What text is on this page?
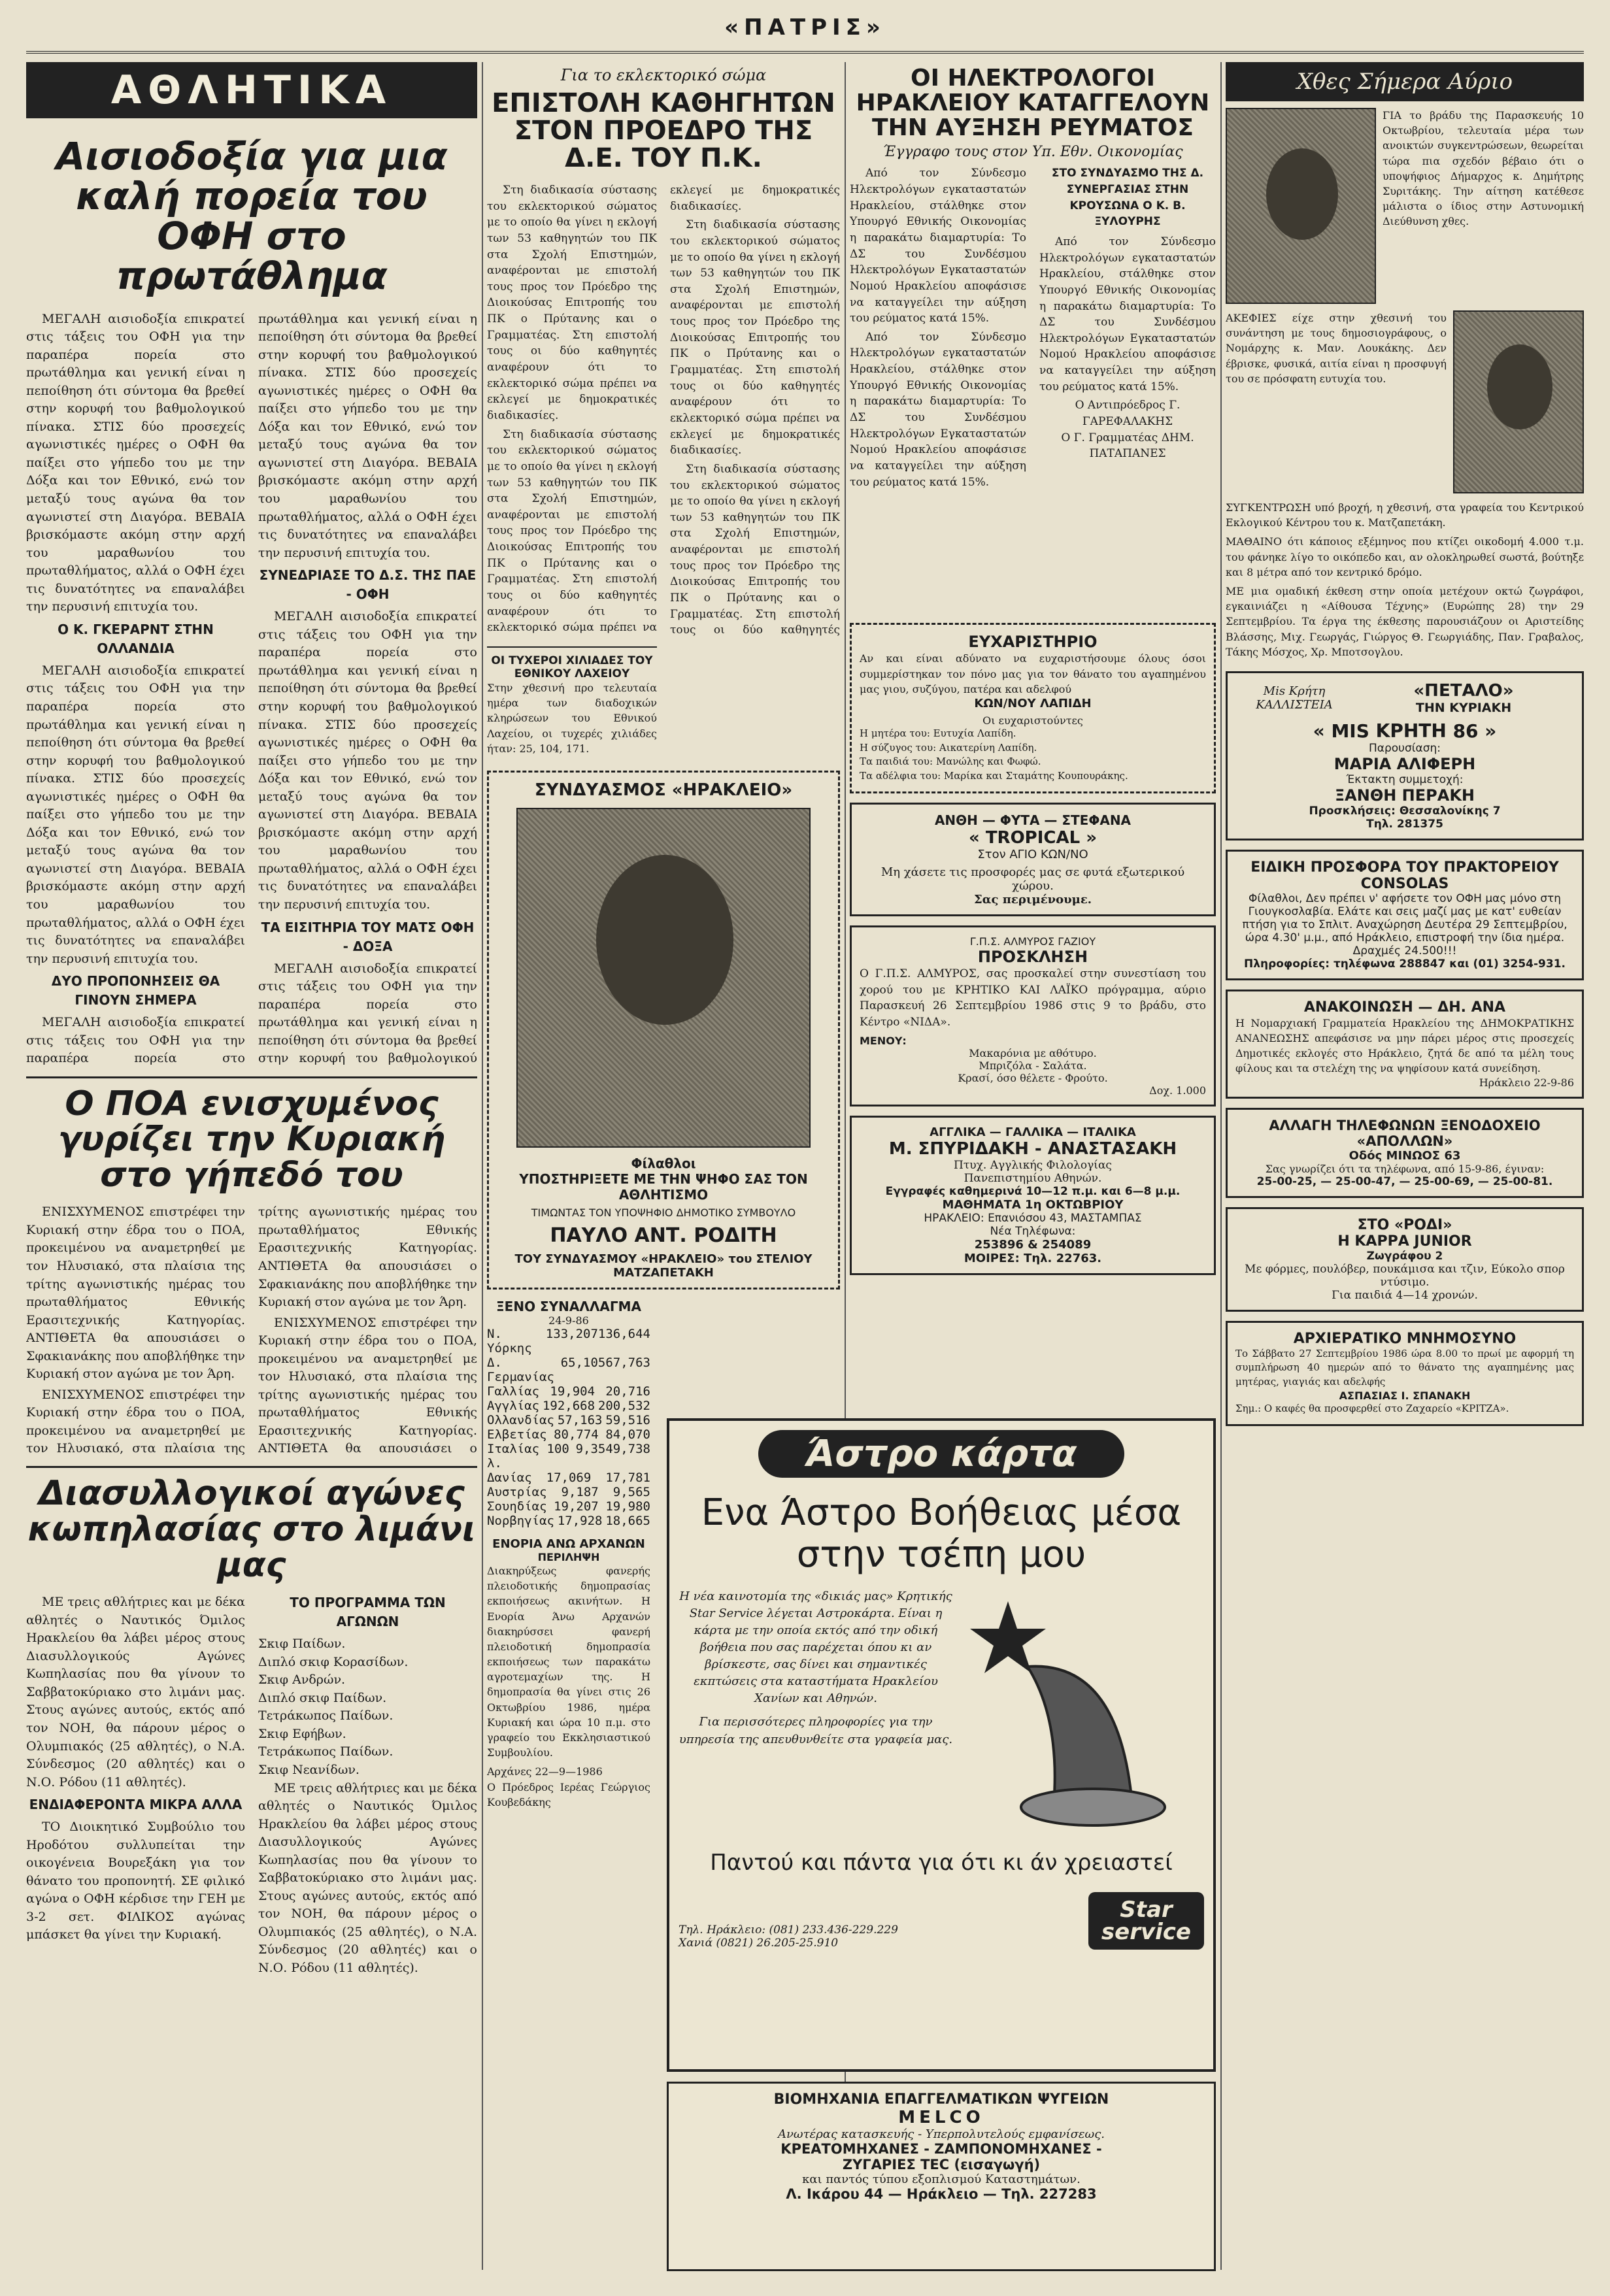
«ΠΑΤΡΙΣ»
ΑΘΛΗΤΙΚΑ
Αισιοδοξία για μια καλή πορεία του ΟΦΗ στο πρωτάθλημα

ΜΕΓΑΛΗ αισιοδοξία επικρατεί στις τάξεις του ΟΦΗ για την παραπέρα πορεία στο πρωτάθλημα και γενική είναι η πεποίθηση ότι σύντομα θα βρεθεί στην κορυφή του βαθμολογικού πίνακα. ΣΤΙΣ δύο προσεχείς αγωνιστικές ημέρες ο ΟΦΗ θα παίξει στο γήπεδο του με την Δόξα και τον Εθνικό, ενώ τον μεταξύ τους αγώνα θα τον αγωνιστεί στη Διαγόρα. ΒΕΒΑΙΑ βρισκόμαστε ακόμη στην αρχή του μαραθωνίου του πρωταθλήματος, αλλά ο ΟΦΗ έχει τις δυνατότητες να επαναλάβει την περυσινή επιτυχία του.

Ο Κ. ΓΚΕΡΑΡΝΤ ΣΤΗΝ ΟΛΛΑΝΔΙΑ

ΜΕΓΑΛΗ αισιοδοξία επικρατεί στις τάξεις του ΟΦΗ για την παραπέρα πορεία στο πρωτάθλημα και γενική είναι η πεποίθηση ότι σύντομα θα βρεθεί στην κορυφή του βαθμολογικού πίνακα. ΣΤΙΣ δύο προσεχείς αγωνιστικές ημέρες ο ΟΦΗ θα παίξει στο γήπεδο του με την Δόξα και τον Εθνικό, ενώ τον μεταξύ τους αγώνα θα τον αγωνιστεί στη Διαγόρα. ΒΕΒΑΙΑ βρισκόμαστε ακόμη στην αρχή του μαραθωνίου του πρωταθλήματος, αλλά ο ΟΦΗ έχει τις δυνατότητες να επαναλάβει την περυσινή επιτυχία του.

ΔΥΟ ΠΡΟΠΟΝΗΣΕΙΣ ΘΑ ΓΙΝΟΥΝ ΣΗΜΕΡΑ

ΜΕΓΑΛΗ αισιοδοξία επικρατεί στις τάξεις του ΟΦΗ για την παραπέρα πορεία στο πρωτάθλημα και γενική είναι η πεποίθηση ότι σύντομα θα βρεθεί στην κορυφή του βαθμολογικού πίνακα. ΣΤΙΣ δύο προσεχείς αγωνιστικές ημέρες ο ΟΦΗ θα παίξει στο γήπεδο του με την Δόξα και τον Εθνικό, ενώ τον μεταξύ τους αγώνα θα τον αγωνιστεί στη Διαγόρα. ΒΕΒΑΙΑ βρισκόμαστε ακόμη στην αρχή του μαραθωνίου του πρωταθλήματος, αλλά ο ΟΦΗ έχει τις δυνατότητες να επαναλάβει την περυσινή επιτυχία του.

ΣΥΝΕΔΡΙΑΣΕ ΤΟ Δ.Σ. ΤΗΣ ΠΑΕ - ΟΦΗ

ΜΕΓΑΛΗ αισιοδοξία επικρατεί στις τάξεις του ΟΦΗ για την παραπέρα πορεία στο πρωτάθλημα και γενική είναι η πεποίθηση ότι σύντομα θα βρεθεί στην κορυφή του βαθμολογικού πίνακα. ΣΤΙΣ δύο προσεχείς αγωνιστικές ημέρες ο ΟΦΗ θα παίξει στο γήπεδο του με την Δόξα και τον Εθνικό, ενώ τον μεταξύ τους αγώνα θα τον αγωνιστεί στη Διαγόρα. ΒΕΒΑΙΑ βρισκόμαστε ακόμη στην αρχή του μαραθωνίου του πρωταθλήματος, αλλά ο ΟΦΗ έχει τις δυνατότητες να επαναλάβει την περυσινή επιτυχία του.

ΤΑ ΕΙΣΙΤΗΡΙΑ ΤΟΥ ΜΑΤΣ ΟΦΗ - ΔΟΞΑ

ΜΕΓΑΛΗ αισιοδοξία επικρατεί στις τάξεις του ΟΦΗ για την παραπέρα πορεία στο πρωτάθλημα και γενική είναι η πεποίθηση ότι σύντομα θα βρεθεί στην κορυφή του βαθμολογικού

Ο ΠΟΑ ενισχυμένος γυρίζει την Κυριακή στο γήπεδό του

ΕΝΙΣΧΥΜΕΝΟΣ επιστρέφει την Κυριακή στην έδρα του ο ΠΟΑ, προκειμένου να αναμετρηθεί με τον Ηλυσιακό, στα πλαίσια της τρίτης αγωνιστικής ημέρας του πρωταθλήματος Εθνικής Ερασιτεχνικής Κατηγορίας. ΑΝΤΙΘΕΤΑ θα απουσιάσει ο Σφακιανάκης που αποβλήθηκε την Κυριακή στον αγώνα με τον Άρη.

ΕΝΙΣΧΥΜΕΝΟΣ επιστρέφει την Κυριακή στην έδρα του ο ΠΟΑ, προκειμένου να αναμετρηθεί με τον Ηλυσιακό, στα πλαίσια της τρίτης αγωνιστικής ημέρας του πρωταθλήματος Εθνικής Ερασιτεχνικής Κατηγορίας. ΑΝΤΙΘΕΤΑ θα απουσιάσει ο Σφακιανάκης που αποβλήθηκε την Κυριακή στον αγώνα με τον Άρη.

ΕΝΙΣΧΥΜΕΝΟΣ επιστρέφει την Κυριακή στην έδρα του ο ΠΟΑ, προκειμένου να αναμετρηθεί με τον Ηλυσιακό, στα πλαίσια της τρίτης αγωνιστικής ημέρας του πρωταθλήματος Εθνικής Ερασιτεχνικής Κατηγορίας. ΑΝΤΙΘΕΤΑ θα απουσιάσει ο

Διασυλλογικοί αγώνες κωπηλασίας στο λιμάνι μας

ΜΕ τρεις αθλήτριες και με δέκα αθλητές ο Ναυτικός Όμιλος Ηρακλείου θα λάβει μέρος στους Διασυλλογικούς Αγώνες Κωπηλασίας που θα γίνουν το Σαββατοκύριακο στο λιμάνι μας. Στους αγώνες αυτούς, εκτός από τον ΝΟΗ, θα πάρουν μέρος ο Ολυμπιακός (25 αθλητές), ο Ν.Α. Σύνδεσμος (20 αθλητές) και ο Ν.Ο. Ρόδου (11 αθλητές).

ΕΝΔΙΑΦΕΡΟΝΤΑ ΜΙΚΡΑ ΑΛΛΑ

ΤΟ Διοικητικό Συμβούλιο του Ηροδότου συλλυπείται την οικογένεια Βουρεξάκη για τον θάνατο του προπονητή. ΣΕ φιλικό αγώνα ο ΟΦΗ κέρδισε την ΓΕΗ με 3-2 σετ. ΦΙΛΙΚΟΣ αγώνας μπάσκετ θα γίνει την Κυριακή.

ΤΟ ΠΡΟΓΡΑΜΜΑ ΤΩΝ ΑΓΩΝΩΝ
Σκιφ Παίδων.
Διπλό σκιφ Κορασίδων.
Σκιφ Ανδρών.
Διπλό σκιφ Παίδων.
Τετράκωπος Παίδων.
Σκιφ Εφήβων.
Τετράκωπος Παίδων.
Σκιφ Νεανίδων.

ΜΕ τρεις αθλήτριες και με δέκα αθλητές ο Ναυτικός Όμιλος Ηρακλείου θα λάβει μέρος στους Διασυλλογικούς Αγώνες Κωπηλασίας που θα γίνουν το Σαββατοκύριακο στο λιμάνι μας. Στους αγώνες αυτούς, εκτός από τον ΝΟΗ, θα πάρουν μέρος ο Ολυμπιακός (25 αθλητές), ο Ν.Α. Σύνδεσμος (20 αθλητές) και ο Ν.Ο. Ρόδου (11 αθλητές).

Για το εκλεκτορικό σώμα
ΕΠΙΣΤΟΛΗ ΚΑΘΗΓΗΤΩΝ ΣΤΟΝ ΠΡΟΕΔΡΟ ΤΗΣ Δ.Ε. ΤΟΥ Π.Κ.

Στη διαδικασία σύστασης του εκλεκτορικού σώματος με το οποίο θα γίνει η εκλογή των 53 καθηγητών του ΠΚ στα Σχολή Επιστημών, αναφέρονται με επιστολή τους προς τον Πρόεδρο της Διοικούσας Επιτροπής του ΠΚ ο Πρύτανης και ο Γραμματέας. Στη επιστολή τους οι δύο καθηγητές αναφέρουν ότι το εκλεκτορικό σώμα πρέπει να εκλεγεί με δημοκρατικές διαδικασίες.

Στη διαδικασία σύστασης του εκλεκτορικού σώματος με το οποίο θα γίνει η εκλογή των 53 καθηγητών του ΠΚ στα Σχολή Επιστημών, αναφέρονται με επιστολή τους προς τον Πρόεδρο της Διοικούσας Επιτροπής του ΠΚ ο Πρύτανης και ο Γραμματέας. Στη επιστολή τους οι δύο καθηγητές αναφέρουν ότι το εκλεκτορικό σώμα πρέπει να εκλεγεί με δημοκρατικές διαδικασίες.

Στη διαδικασία σύστασης του εκλεκτορικού σώματος με το οποίο θα γίνει η εκλογή των 53 καθηγητών του ΠΚ στα Σχολή Επιστημών, αναφέρονται με επιστολή τους προς τον Πρόεδρο της Διοικούσας Επιτροπής του ΠΚ ο Πρύτανης και ο Γραμματέας. Στη επιστολή τους οι δύο καθηγητές αναφέρουν ότι το εκλεκτορικό σώμα πρέπει να εκλεγεί με δημοκρατικές διαδικασίες.

Στη διαδικασία σύστασης του εκλεκτορικού σώματος με το οποίο θα γίνει η εκλογή των 53 καθηγητών του ΠΚ στα Σχολή Επιστημών, αναφέρονται με επιστολή τους προς τον Πρόεδρο της Διοικούσας Επιτροπής του ΠΚ ο Πρύτανης και ο Γραμματέας. Στη επιστολή τους οι δύο καθηγητές

ΟΙ ΤΥΧΕΡΟΙ ΧΙΛΙΑΔΕΣ ΤΟΥ ΕΘΝΙΚΟΥ ΛΑΧΕΙΟΥ
Στην χθεσινή προ τελευταία ημέρα των διαδοχικών κληρώσεων του Εθνικού Λαχείου, οι τυχερές χιλιάδες ήταν: 25, 104, 171.
ΣΥΝΔΥΑΣΜΟΣ «ΗΡΑΚΛΕΙΟ»
Φίλαθλοι
ΥΠΟΣΤΗΡΙΞΕΤΕ ΜΕ ΤΗΝ ΨΗΦΟ ΣΑΣ ΤΟΝ ΑΘΛΗΤΙΣΜΟ
ΤΙΜΩΝΤΑΣ ΤΟΝ ΥΠΟΨΗΦΙΟ ΔΗΜΟΤΙΚΟ ΣΥΜΒΟΥΛΟ
ΠΑΥΛΟ ΑΝΤ. ΡΟΔΙΤΗ
ΤΟΥ ΣΥΝΔΥΑΣΜΟΥ «ΗΡΑΚΛΕΙΟ» του ΣΤΕΛΙΟΥ ΜΑΤΖΑΠΕΤΑΚΗ
ΞΕΝΟ ΣΥΝΑΛΛΑΓΜΑ
24-9-86
Ν. Υόρκης
133,207 136,644
Δ. Γερμανίας
65,105 67,763
Γαλλίας 19,904 20,716
Αγγλίας 192,668 200,532
Ολλανδίας 57,163 59,516
Ελβετίας 80,774 84,070
Ιταλίας 100 λ.
9,354 9,738
Δανίας 17,069 17,781
Αυστρίας 9,187 9,565
Σουηδίας 19,207 19,980
Νορβηγίας 17,928 18,665
ΕΝΟΡΙΑ ΑΝΩ ΑΡΧΑΝΩΝ
ΠΕΡΙΛΗΨΗ
Διακηρύξεως φανερής πλειοδοτικής δημοπρασίας εκποιήσεως ακινήτων. Η Ενορία Άνω Αρχανών διακηρύσσει φανερή πλειοδοτική δημοπρασία εκποιήσεως των παρακάτω αγροτεμαχίων της. Η δημοπρασία θα γίνει στις 26 Οκτωβρίου 1986, ημέρα Κυριακή και ώρα 10 π.μ. στο γραφείο του Εκκλησιαστικού Συμβουλίου.
Αρχάνες 22—9—1986
Ο Πρόεδρος Ιερέας Γεώργιος Κουβεδάκης
ΟΙ ΗΛΕΚΤΡΟΛΟΓΟΙ ΗΡΑΚΛΕΙΟΥ ΚΑΤΑΓΓΕΛΟΥΝ ΤΗΝ ΑΥΞΗΣΗ ΡΕΥΜΑΤΟΣ
Έγγραφο τους στον Υπ. Εθν. Οικονομίας

Από τον Σύνδεσμο Ηλεκτρολόγων εγκαταστατών Ηρακλείου, στάλθηκε στον Υπουργό Εθνικής Οικονομίας η παρακάτω διαμαρτυρία: Το ΔΣ του Συνδέσμου Ηλεκτρολόγων Εγκαταστατών Νομού Ηρακλείου αποφάσισε να καταγγείλει την αύξηση του ρεύματος κατά 15%.

Από τον Σύνδεσμο Ηλεκτρολόγων εγκαταστατών Ηρακλείου, στάλθηκε στον Υπουργό Εθνικής Οικονομίας η παρακάτω διαμαρτυρία: Το ΔΣ του Συνδέσμου Ηλεκτρολόγων Εγκαταστατών Νομού Ηρακλείου αποφάσισε να καταγγείλει την αύξηση του ρεύματος κατά 15%.

ΣΤΟ ΣΥΝΔΥΑΣΜΟ ΤΗΣ Δ. ΣΥΝΕΡΓΑΣΙΑΣ ΣΤΗΝ ΚΡΟΥΣΩΝΑ Ο Κ. Β. ΞΥΛΟΥΡΗΣ

Από τον Σύνδεσμο Ηλεκτρολόγων εγκαταστατών Ηρακλείου, στάλθηκε στον Υπουργό Εθνικής Οικονομίας η παρακάτω διαμαρτυρία: Το ΔΣ του Συνδέσμου Ηλεκτρολόγων Εγκαταστατών Νομού Ηρακλείου αποφάσισε να καταγγείλει την αύξηση του ρεύματος κατά 15%.

Ο Αντιπρόεδρος Γ. ΓΑΡΕΦΑΛΑΚΗΣ
Ο Γ. Γραμματέας ΔΗΜ. ΠΑΤΑΠΑΝΕΣ
ΕΥΧΑΡΙΣΤΗΡΙΟ
Αν και είναι αδύνατο να ευχαριστήσουμε όλους όσοι συμμερίστηκαν τον πόνο μας για τον θάνατο του αγαπημένου μας γιου, συζύγου, πατέρα και αδελφού
ΚΩΝ/ΝΟΥ ΛΑΠΙΔΗ
Οι ευχαριστούντες
Η μητέρα του: Ευτυχία Λαπίδη.
Η σύζυγος του: Αικατερίνη Λαπίδη.
Τα παιδιά του: Μανώλης και Φωφώ.
Τα αδέλφια του: Μαρίκα και Σταμάτης Κουπουράκης.
ΑΝΘΗ — ΦΥΤΑ — ΣΤΕΦΑΝΑ
« TROPICAL »
Στον ΑΓΙΟ ΚΩΝ/ΝΟ
Μη χάσετε τις προσφορές μας σε φυτά εξωτερικού χώρου.
Σας περιμένουμε.
Γ.Π.Σ. ΑΛΜΥΡΟΣ ΓΑΖΙΟΥ
ΠΡΟΣΚΛΗΣΗ
Ο Γ.Π.Σ. ΑΛΜΥΡΟΣ, σας προσκαλεί στην συνεστίαση του χορού του με ΚΡΗΤΙΚΟ ΚΑΙ ΛΑΪΚΟ πρόγραμμα, αύριο Παρασκευή 26 Σεπτεμβρίου 1986 στις 9 το βράδυ, στο Κέντρο «ΝΙΔΑ».
ΜΕΝΟΥ:
Μακαρόνια με αθότυρο.
Μπριζόλα - Σαλάτα.
Κρασί, όσο θέλετε - Φρούτο.
Δοχ. 1.000
ΑΓΓΛΙΚΑ — ΓΑΛΛΙΚΑ — ΙΤΑΛΙΚΑ
Μ. ΣΠΥΡΙΔΑΚΗ - ΑΝΑΣΤΑΣΑΚΗ
Πτυχ. Αγγλικής Φιλολογίας
Πανεπιστημίου Αθηνών.
Εγγραφές καθημερινά 10—12 π.μ. και 6—8 μ.μ.
ΜΑΘΗΜΑΤΑ 1η ΟΚΤΩΒΡΙΟΥ
ΗΡΑΚΛΕΙΟ: Επανιόσου 43, ΜΑΣΤΑΜΠΑΣ
Νέα Τηλέφωνα:
253896 & 254089
ΜΟΙΡΕΣ: Τηλ. 22763.
Άστρο κάρτα
Ενα Άστρο Βοήθειας μέσα στην τσέπη μου
Η νέα καινοτομία της «δικιάς μας» Κρητικής Star Service λέγεται Αστροκάρτα. Είναι η κάρτα με την οποία εκτός από την οδική βοήθεια που σας παρέχεται όπου κι αν βρίσκεστε, σας δίνει και σημαντικές εκπτώσεις στα καταστήματα Ηρακλείου Χανίων και Αθηνών.
Για περισσότερες πληροφορίες για την υπηρεσία της απευθυνθείτε στα γραφεία μας.
Παντού και πάντα για ότι κι άν χρειαστεί
Τηλ. Ηράκλειο: (081) 233.436-229.229
Χανιά (0821) 26.205-25.910
Star
service
ΒΙΟΜΗΧΑΝΙΑ ΕΠΑΓΓΕΛΜΑΤΙΚΩΝ ΨΥΓΕΙΩΝ
MELCO
Ανωτέρας κατασκευής - Υπερπολυτελούς εμφανίσεως.
ΚΡΕΑΤΟΜΗΧΑΝΕΣ - ΖΑΜΠΟΝΟΜΗΧΑΝΕΣ -
ΖΥΓΑΡΙΕΣ TEC (εισαγωγή)
και παντός τύπου εξοπλισμού Καταστημάτων.
Λ. Ικάρου 44 — Ηράκλειο — Τηλ. 227283
Χθες Σήμερα Αύριο
ΓΙΑ το βράδυ της Παρασκευής 10 Οκτωβρίου, τελευταία μέρα των ανοικτών συγκεντρώσεων, θεωρείται τώρα πια σχεδόν βέβαιο ότι ο υποψήφιος Δήμαρχος κ. Δημήτρης Συριτάκης. Την αίτηση κατέθεσε μάλιστα ο ίδιος στην Αστυνομική Διεύθυνση χθες.
ΑΚΕΦΙΕΣ είχε στην χθεσινή του συνάντηση με τους δημοσιογράφους, ο Νομάρχης κ. Μαν. Λουκάκης. Δεν έβρισκε, φυσικά, αιτία είναι η προσφυγή του σε πρόσφατη ευτυχία του.
ΣΥΓΚΕΝΤΡΩΣΗ υπό βροχή, η χθεσινή, στα γραφεία του Κεντρικού Εκλογικού Κέντρου του κ. Ματζαπετάκη.
ΜΑΘΑΙΝΟ ότι κάποιος εξέμηνος που κτίζει οικοδομή 4.000 τ.μ. του φάνηκε λίγο το οικόπεδο και, αν ολοκληρωθεί σωστά, βούτηξε και 8 μέτρα από τον κεντρικό δρόμο.
ΜΕ μια ομαδική έκθεση στην οποία μετέχουν οκτώ ζωγράφοι, εγκαινιάζει η «Αίθουσα Τέχνης» (Ευρώπης 28) την 29 Σεπτεμβρίου. Τα έργα της έκθεσης παρουσιάζουν οι Αριστείδης Βλάσσης, Μιχ. Γεωργάς, Γιώργος Θ. Γεωργιάδης, Παν. Γραβαλος, Τάκης Μόσχος, Χρ. Μποτσογλου.
Mis Κρήτη ΚΑΛΛΙΣΤΕΙΑ
«ΠΕΤΑΛΟ»
ΤΗΝ ΚΥΡΙΑΚΗ
« MIS ΚΡΗΤΗ 86 »
Παρουσίαση:
ΜΑΡΙΑ ΑΛΙΦΕΡΗ
Έκτακτη συμμετοχή:
ΞΑΝΘΗ ΠΕΡΑΚΗ
Προσκλήσεις: Θεσσαλονίκης 7
Τηλ. 281375
ΕΙΔΙΚΗ ΠΡΟΣΦΟΡΑ ΤΟΥ ΠΡΑΚΤΟΡΕΙΟΥ CONSOLAS
Φίλαθλοι, Δεν πρέπει ν' αφήσετε τον ΟΦΗ μας μόνο στη Γιουγκοσλαβία. Ελάτε και σεις μαζί μας με κατ' ευθείαν πτήση για το Σπλιτ. Αναχώρηση Δευτέρα 29 Σεπτεμβρίου, ώρα 4.30' μ.μ., από Ηράκλειο, επιστροφή την ίδια ημέρα. Δραχμές 24.500!!!
Πληροφορίες: τηλέφωνα 288847 και (01) 3254-931.
ΑΝΑΚΟΙΝΩΣΗ — ΔΗ. ΑΝΑ
Η Νομαρχιακή Γραμματεία Ηρακλείου της ΔΗΜΟΚΡΑΤΙΚΗΣ ΑΝΑΝΕΩΣΗΣ απεφάσισε να μην πάρει μέρος στις προσεχείς Δημοτικές εκλογές στο Ηράκλειο, ζητά δε από τα μέλη τους φίλους και τα στελέχη της να ψηφίσουν κατά συνείδηση.
Ηράκλειο 22-9-86
ΑΛΛΑΓΗ ΤΗΛΕΦΩΝΩΝ ΞΕΝΟΔΟΧΕΙΟ «ΑΠΟΛΛΩΝ»
Οδός ΜΙΝΩΟΣ 63
Σας γνωρίζει ότι τα τηλέφωνα, από 15-9-86, έγιναν:
25-00-25, — 25-00-47, — 25-00-69, — 25-00-81.
ΣΤΟ «ΡΟΔΙ»
Η ΚΑΡΡΑ JUNIOR
Ζωγράφου 2
Με φόρμες, πουλόβερ, πουκάμισα και τζιν, Εύκολο σπορ ντύσιμο.
Για παιδιά 4—14 χρονών.
ΑΡΧΙΕΡΑΤΙΚΟ ΜΝΗΜΟΣΥΝΟ
Το Σάββατο 27 Σεπτεμβρίου 1986 ώρα 8.00 το πρωί με αφορμή τη συμπλήρωση 40 ημερών από το θάνατο της αγαπημένης μας μητέρας, γιαγιάς και αδελφής
ΑΣΠΑΣΙΑΣ Ι. ΣΠΑΝΑΚΗ
Σημ.: Ο καφές θα προσφερθεί στο Ζαχαρείο «ΚΡΙΤΖΑ».
